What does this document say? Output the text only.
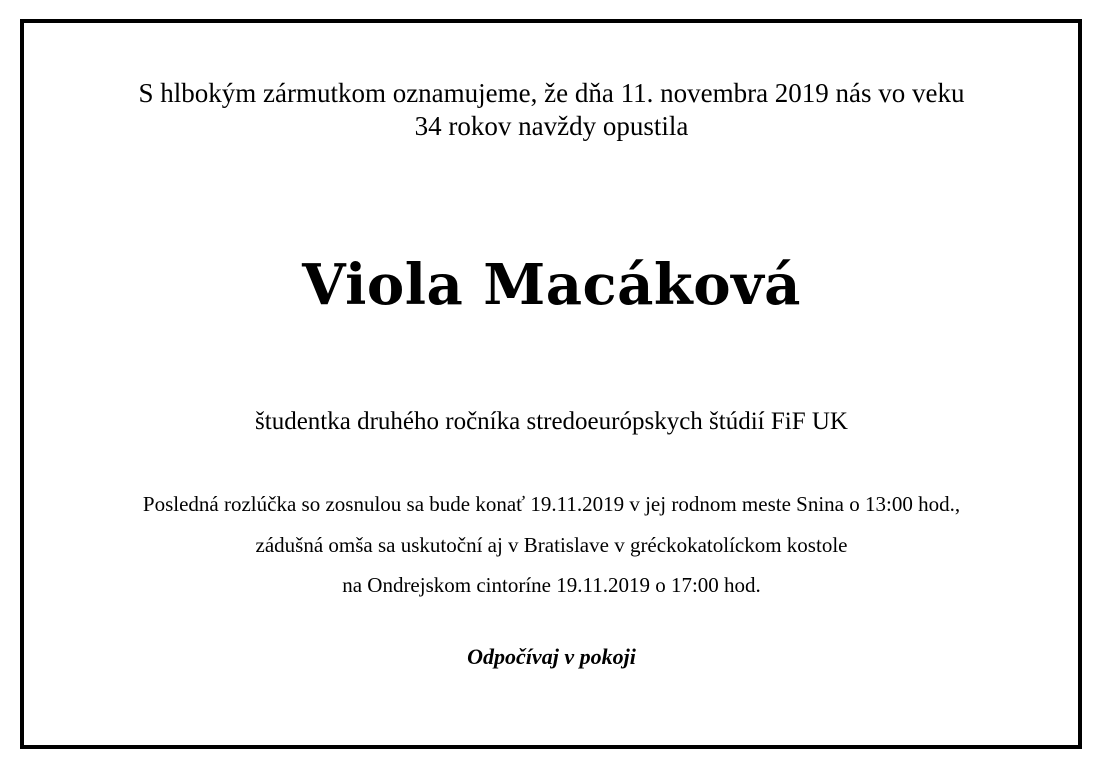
S hlbokým zármutkom oznamujeme, že dňa 11. novembra 2019 nás vo veku
34 rokov navždy opustila
Viola Macáková
študentka druhého ročníka stredoeurópskych štúdií FiF UK
Posledná rozlúčka so zosnulou sa bude konať 19.11.2019 v jej rodnom meste Snina o 13:00 hod.,
zádušná omša sa uskutoční aj v Bratislave v gréckokatolíckom kostole
na Ondrejskom cintoríne 19.11.2019 o 17:00 hod.
Odpočívaj v pokoji
